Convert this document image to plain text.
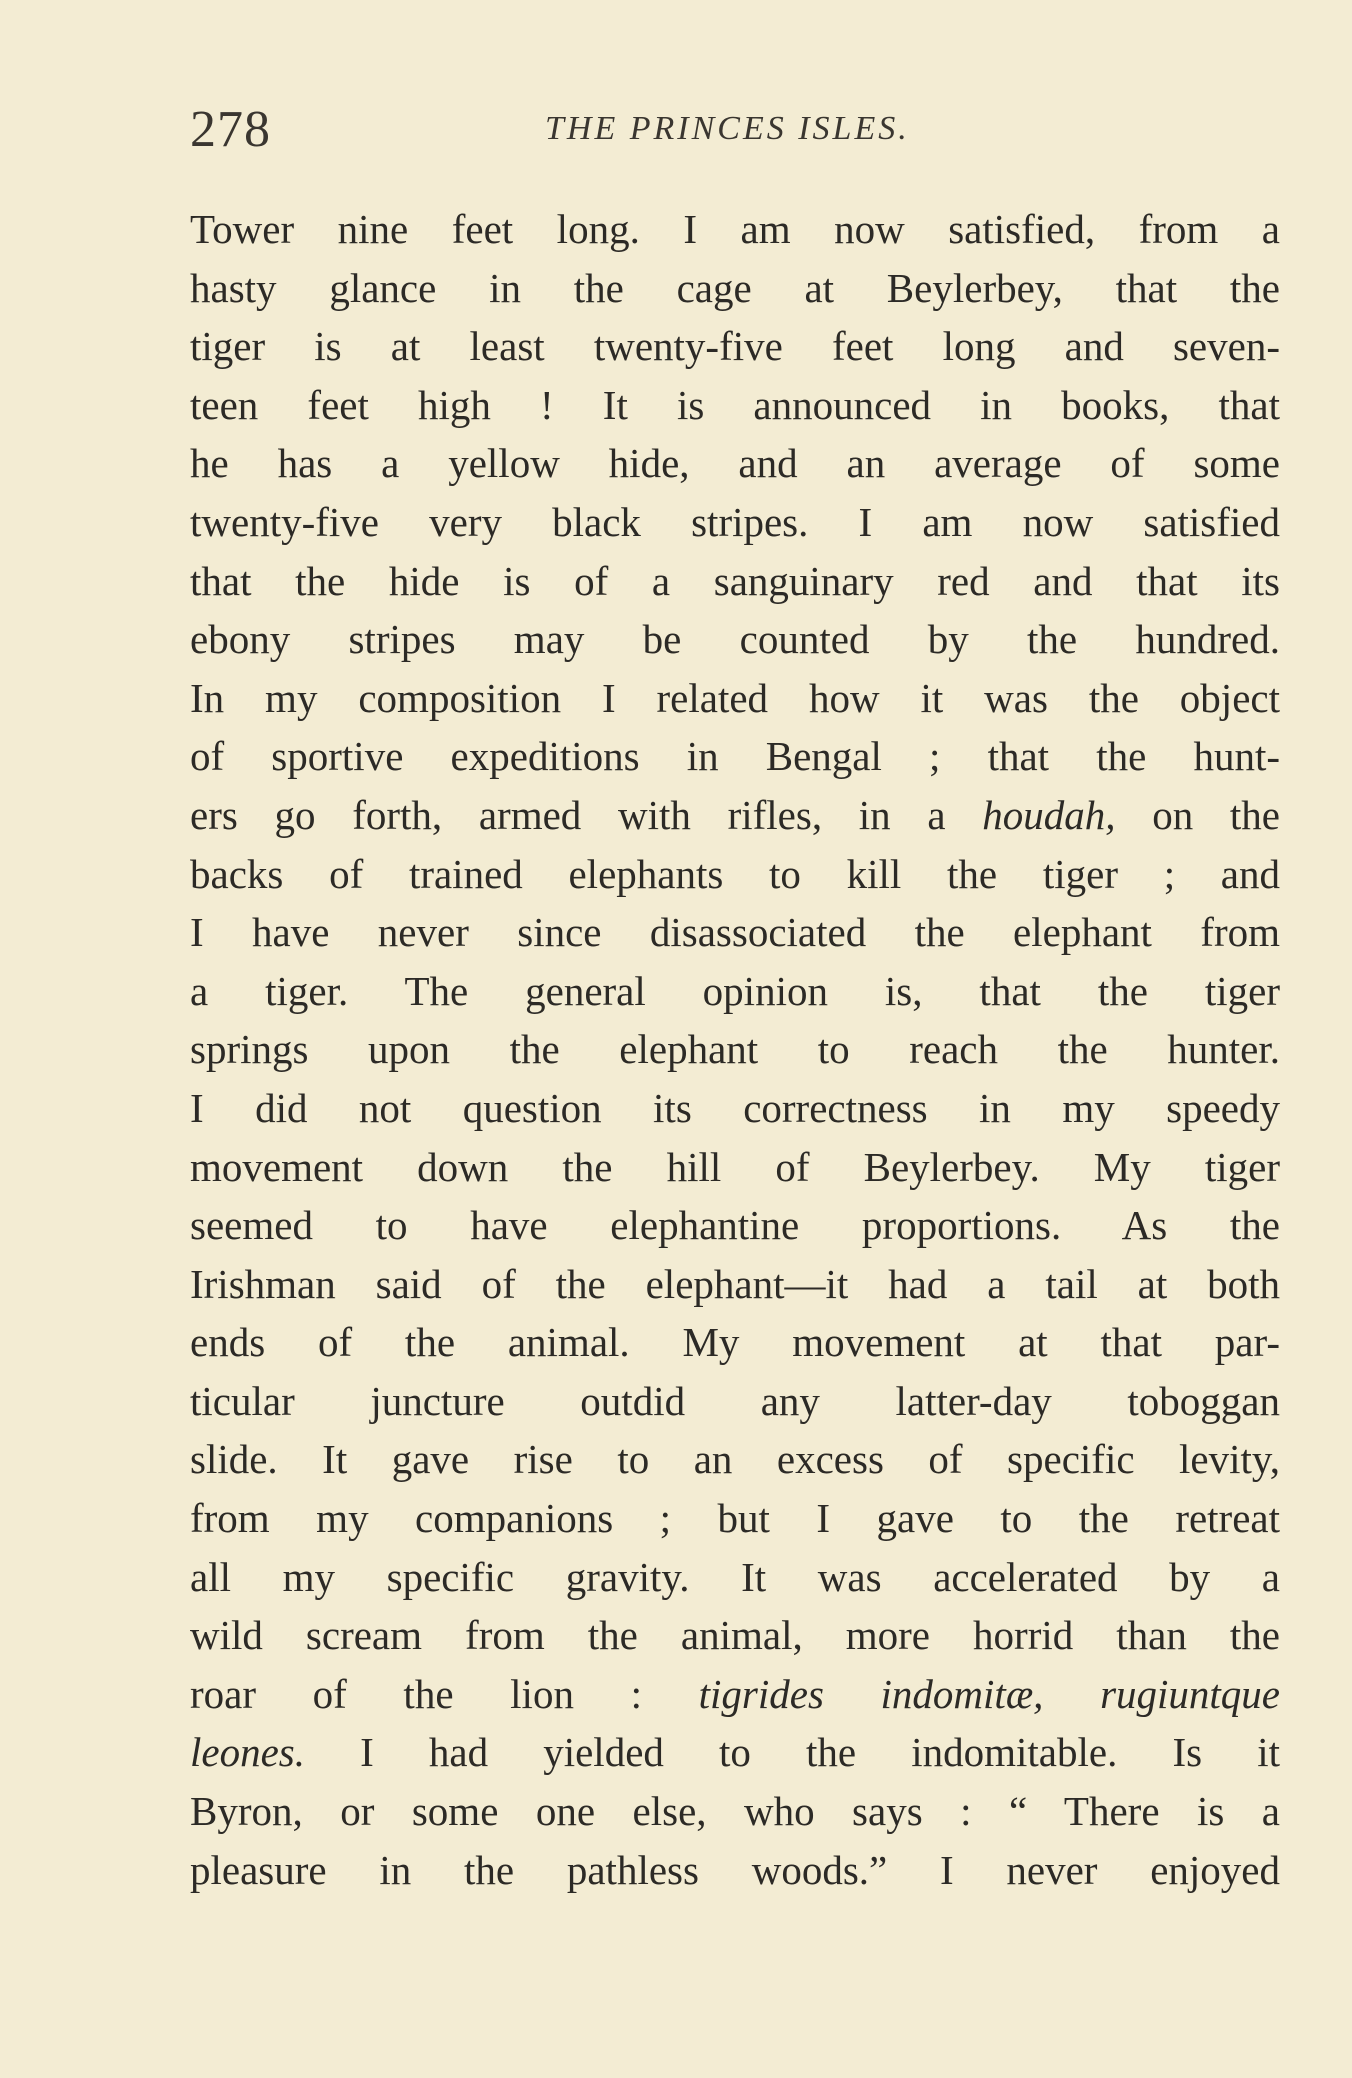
278	THE PRINCES ISLES.
Tower nine feet long. I am now satisfied, from a
hasty glance in the cage at Beylerbey, that the
tiger is at least twenty-five feet long and seven-
teen feet high ! It is announced in books, that
he has a yellow hide, and an average of some
twenty-five very black stripes. I am now satisfied
that the hide is of a sanguinary red and that its
ebony stripes may be counted by the hundred.
In my composition I related how it was the object
of sportive expeditions in Bengal ; that the hunt-
ers go forth, armed with rifles, in a houdah, on the
backs of trained elephants to kill the tiger ; and
I have never since disassociated the elephant from
a tiger. The general opinion is, that the tiger
springs upon the elephant to reach the hunter.
I did not question its correctness in my speedy
movement down the hill of Beylerbey. My tiger
seemed to have elephantine proportions. As the
Irishman said of the elephant—it had a tail at both
ends of the animal. My movement at that par-
ticular juncture outdid any latter-day toboggan
slide. It gave rise to an excess of specific levity,
from my companions ; but I gave to the retreat
all my specific gravity. It was accelerated by a
wild scream from the animal, more horrid than the
roar of the lion : tigrides indomitæ, rugiuntque
leones. I had yielded to the indomitable. Is it
Byron, or some one else, who says : “ There is a
pleasure in the pathless woods.” I never enjoyed
